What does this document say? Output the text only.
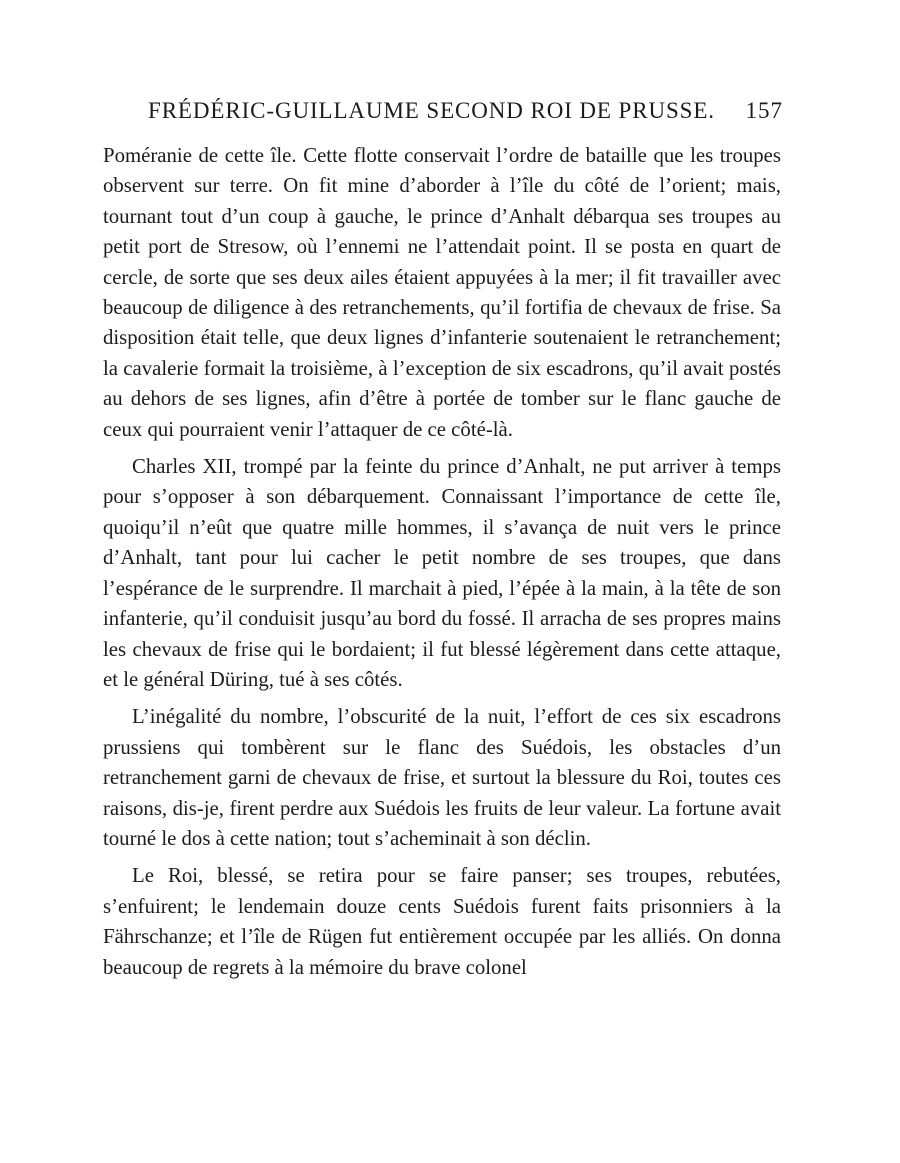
FRÉDÉRIC-GUILLAUME SECOND ROI DE PRUSSE. 157

Poméranie de cette île. Cette flotte conservait l’ordre de bataille que les troupes observent sur terre. On fit mine d’aborder à l’île du côté de l’orient; mais, tournant tout d’un coup à gauche, le prince d’Anhalt débarqua ses troupes au petit port de Stresow, où l’ennemi ne l’attendait point. Il se posta en quart de cercle, de sorte que ses deux ailes étaient appuyées à la mer; il fit travailler avec beaucoup de diligence à des retranchements, qu’il fortifia de chevaux de frise. Sa disposition était telle, que deux lignes d’infanterie soutenaient le retranchement; la cavalerie formait la troisième, à l’exception de six escadrons, qu’il avait postés au dehors de ses lignes, afin d’être à portée de tomber sur le flanc gauche de ceux qui pourraient venir l’attaquer de ce côté-là.

Charles XII, trompé par la feinte du prince d’Anhalt, ne put arriver à temps pour s’opposer à son débarquement. Connaissant l’importance de cette île, quoiqu’il n’eût que quatre mille hommes, il s’avança de nuit vers le prince d’Anhalt, tant pour lui cacher le petit nombre de ses troupes, que dans l’espérance de le surprendre. Il marchait à pied, l’épée à la main, à la tête de son infanterie, qu’il conduisit jusqu’au bord du fossé. Il arracha de ses propres mains les chevaux de frise qui le bordaient; il fut blessé légèrement dans cette attaque, et le général Düring, tué à ses côtés.

L’inégalité du nombre, l’obscurité de la nuit, l’effort de ces six escadrons prussiens qui tombèrent sur le flanc des Suédois, les obstacles d’un retranchement garni de chevaux de frise, et surtout la blessure du Roi, toutes ces raisons, dis-je, firent perdre aux Suédois les fruits de leur valeur. La fortune avait tourné le dos à cette nation; tout s’acheminait à son déclin.

Le Roi, blessé, se retira pour se faire panser; ses troupes, rebutées, s’enfuirent; le lendemain douze cents Suédois furent faits prisonniers à la Fährschanze; et l’île de Rügen fut entièrement occupée par les alliés. On donna beaucoup de regrets à la mémoire du brave colonel
